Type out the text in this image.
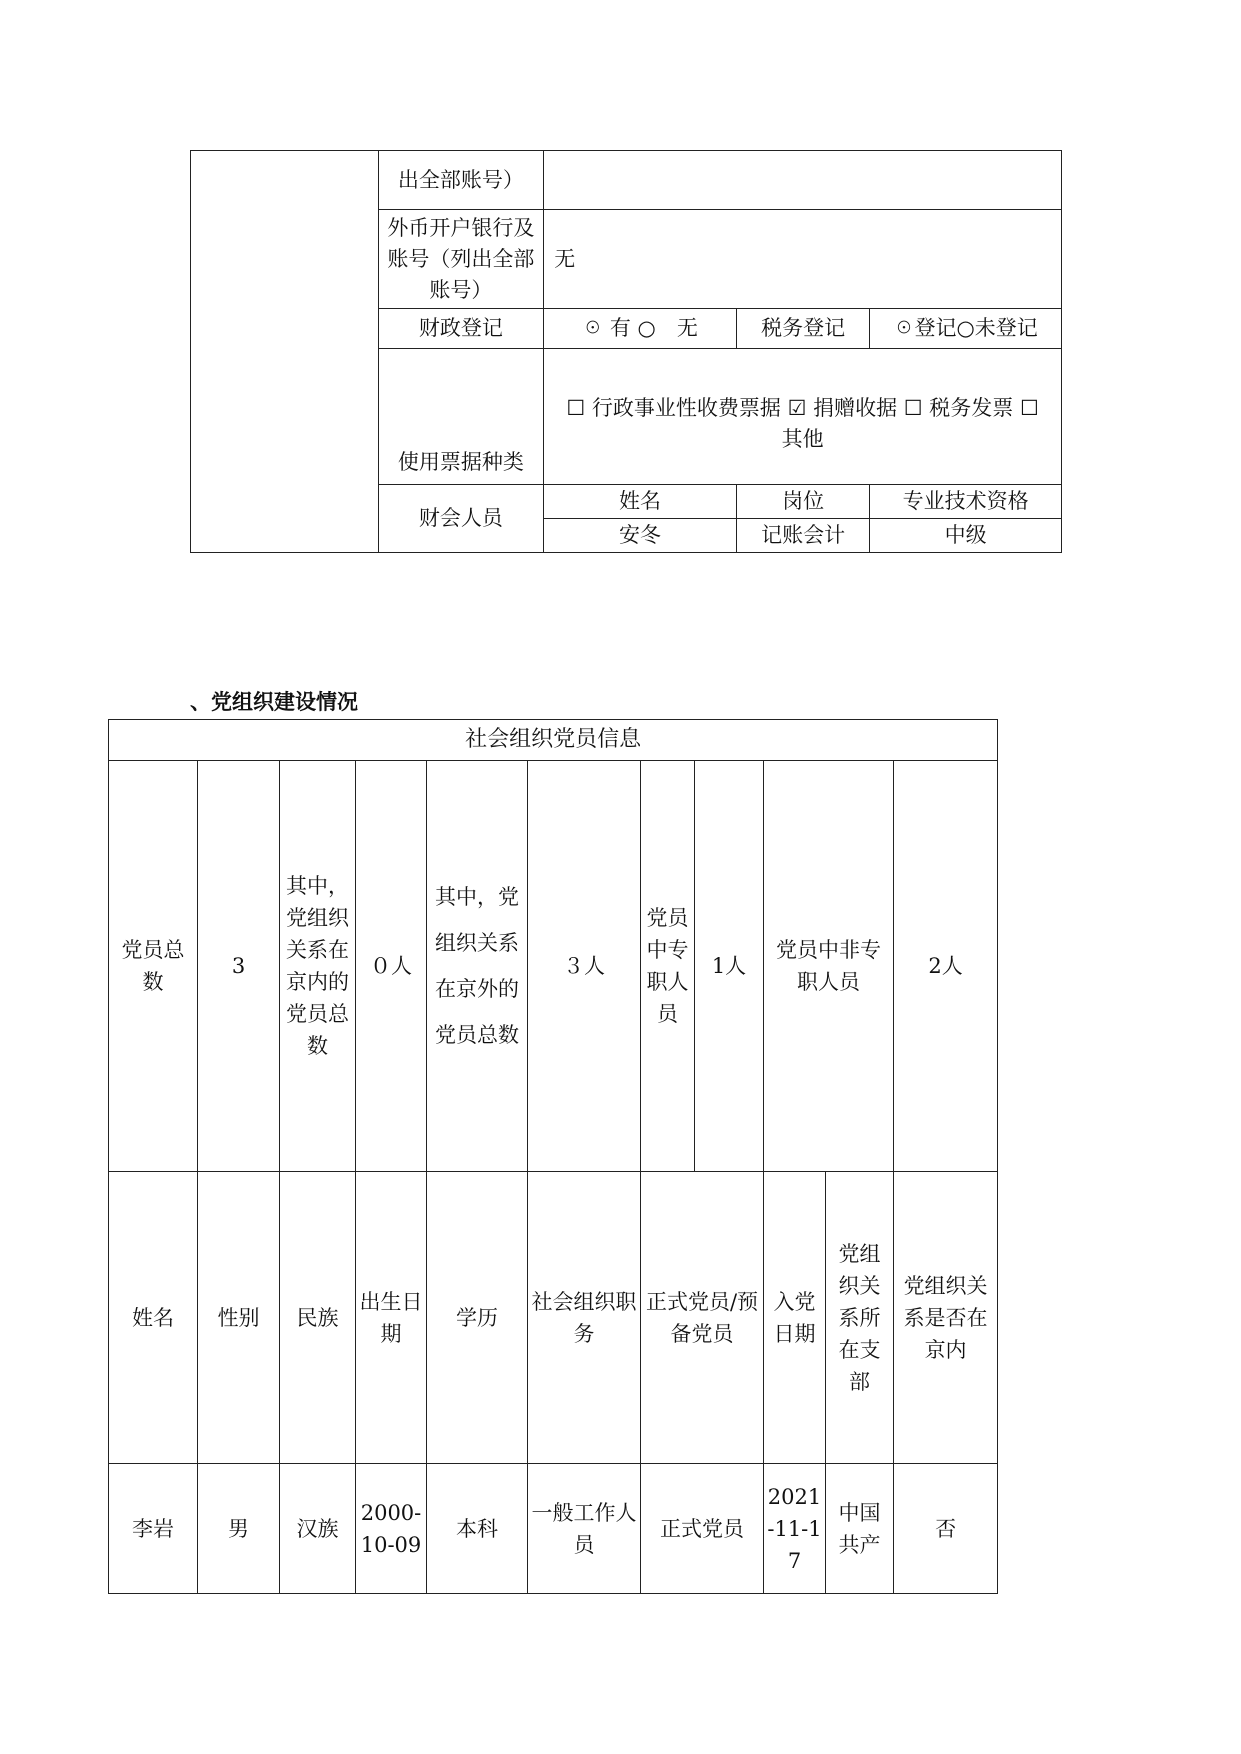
	出全部账号）			
	外币开户银行及账号（列出全部账号）	无		
	财政登记	☉ 有 ○　无	税务登记	☉登记○未登记
	使用票据种类	☐ 行政事业性收费票据 ☑ 捐赠收据 ☐ 税务发票 ☐ 其他		
	财会人员	姓名	岗位	专业技术资格
		安冬	记账会计	中级
、党组织建设情况
社会组织党员信息										
党员总数	3	其中，党组织关系在京内的党员总数	０人	其中，党组织关系在京外的党员总数	３人	党员中专职人员	1人	党员中非专职人员		2人
姓名	性别	民族	出生日期	学历	社会组织职务	正式党员/预备党员		入党日期	党组织关系所在支部	党组织关系是否在京内
李岩	男	汉族	2000-10-09	本科	一般工作人员	正式党员		2021-11-17	中国共产	否
